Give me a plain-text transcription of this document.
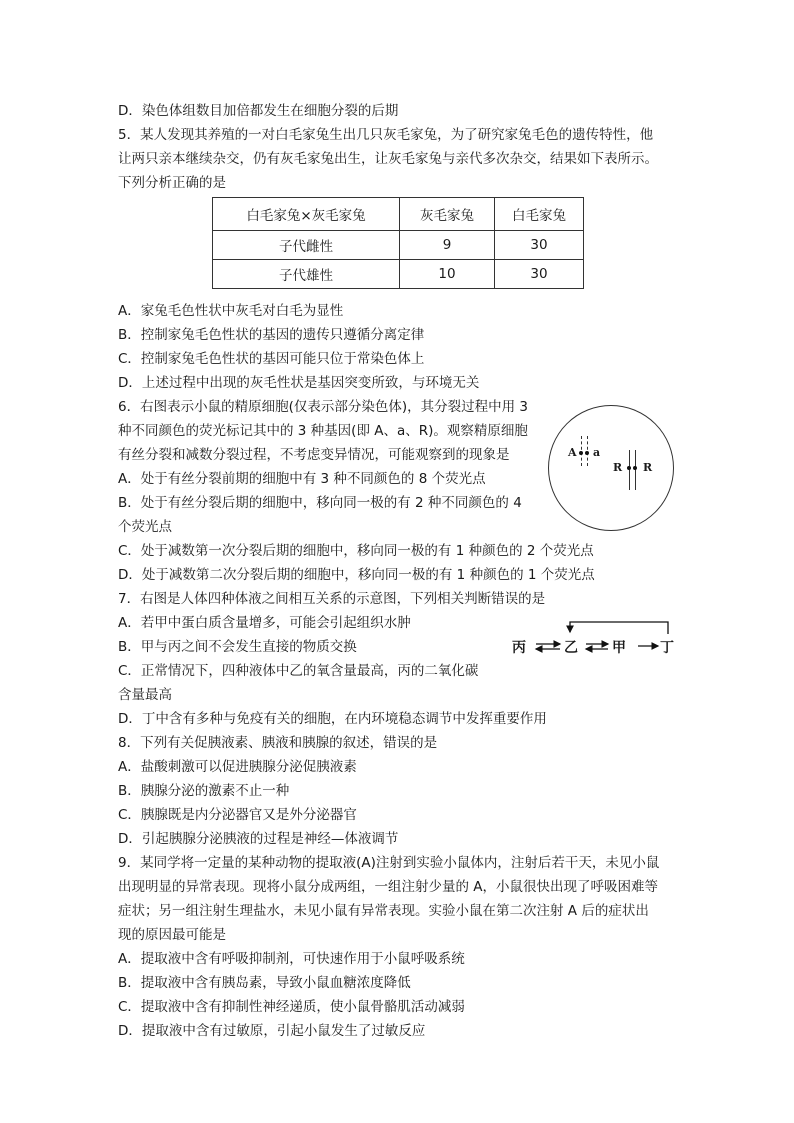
D．染色体组数目加倍都发生在细胞分裂的后期
5．某人发现其养殖的一对白毛家兔生出几只灰毛家兔，为了研究家兔毛色的遗传特性，他
让两只亲本继续杂交，仍有灰毛家兔出生，让灰毛家兔与亲代多次杂交，结果如下表所示。
下列分析正确的是
白毛家兔×灰毛家兔	灰毛家兔	白毛家兔
子代雌性	9	30
子代雄性	10	30
A．家兔毛色性状中灰毛对白毛为显性
B．控制家兔毛色性状的基因的遗传只遵循分离定律
C．控制家兔毛色性状的基因可能只位于常染色体上
D．上述过程中出现的灰毛性状是基因突变所致，与环境无关
6．右图表示小鼠的精原细胞(仅表示部分染色体)，其分裂过程中用 3
种不同颜色的荧光标记其中的 3 种基因(即 A、a、R)。观察精原细胞
有丝分裂和减数分裂过程，不考虑变异情况，可能观察到的现象是
A．处于有丝分裂前期的细胞中有 3 种不同颜色的 8 个荧光点
B．处于有丝分裂后期的细胞中，移向同一极的有 2 种不同颜色的 4
个荧光点
C．处于减数第一次分裂后期的细胞中，移向同一极的有 1 种颜色的 2 个荧光点
D．处于减数第二次分裂后期的细胞中，移向同一极的有 1 种颜色的 1 个荧光点
7．右图是人体四种体液之间相互关系的示意图，下列相关判断错误的是
A．若甲中蛋白质含量增多，可能会引起组织水肿
B．甲与丙之间不会发生直接的物质交换
C．正常情况下，四种液体中乙的氧含量最高，丙的二氧化碳
含量最高
D．丁中含有多种与免疫有关的细胞，在内环境稳态调节中发挥重要作用
8．下列有关促胰液素、胰液和胰腺的叙述，错误的是
A．盐酸刺激可以促进胰腺分泌促胰液素
B．胰腺分泌的激素不止一种
C．胰腺既是内分泌器官又是外分泌器官
D．引起胰腺分泌胰液的过程是神经—体液调节
9．某同学将一定量的某种动物的提取液(A)注射到实验小鼠体内，注射后若干天，未见小鼠
出现明显的异常表现。现将小鼠分成两组，一组注射少量的 A，小鼠很快出现了呼吸困难等
症状；另一组注射生理盐水，未见小鼠有异常表现。实验小鼠在第二次注射 A 后的症状出
现的原因最可能是
A．提取液中含有呼吸抑制剂，可快速作用于小鼠呼吸系统
B．提取液中含有胰岛素，导致小鼠血糖浓度降低
C．提取液中含有抑制性神经递质，使小鼠骨骼肌活动减弱
D．提取液中含有过敏原，引起小鼠发生了过敏反应
A a
R R
丙	乙 甲 丁
